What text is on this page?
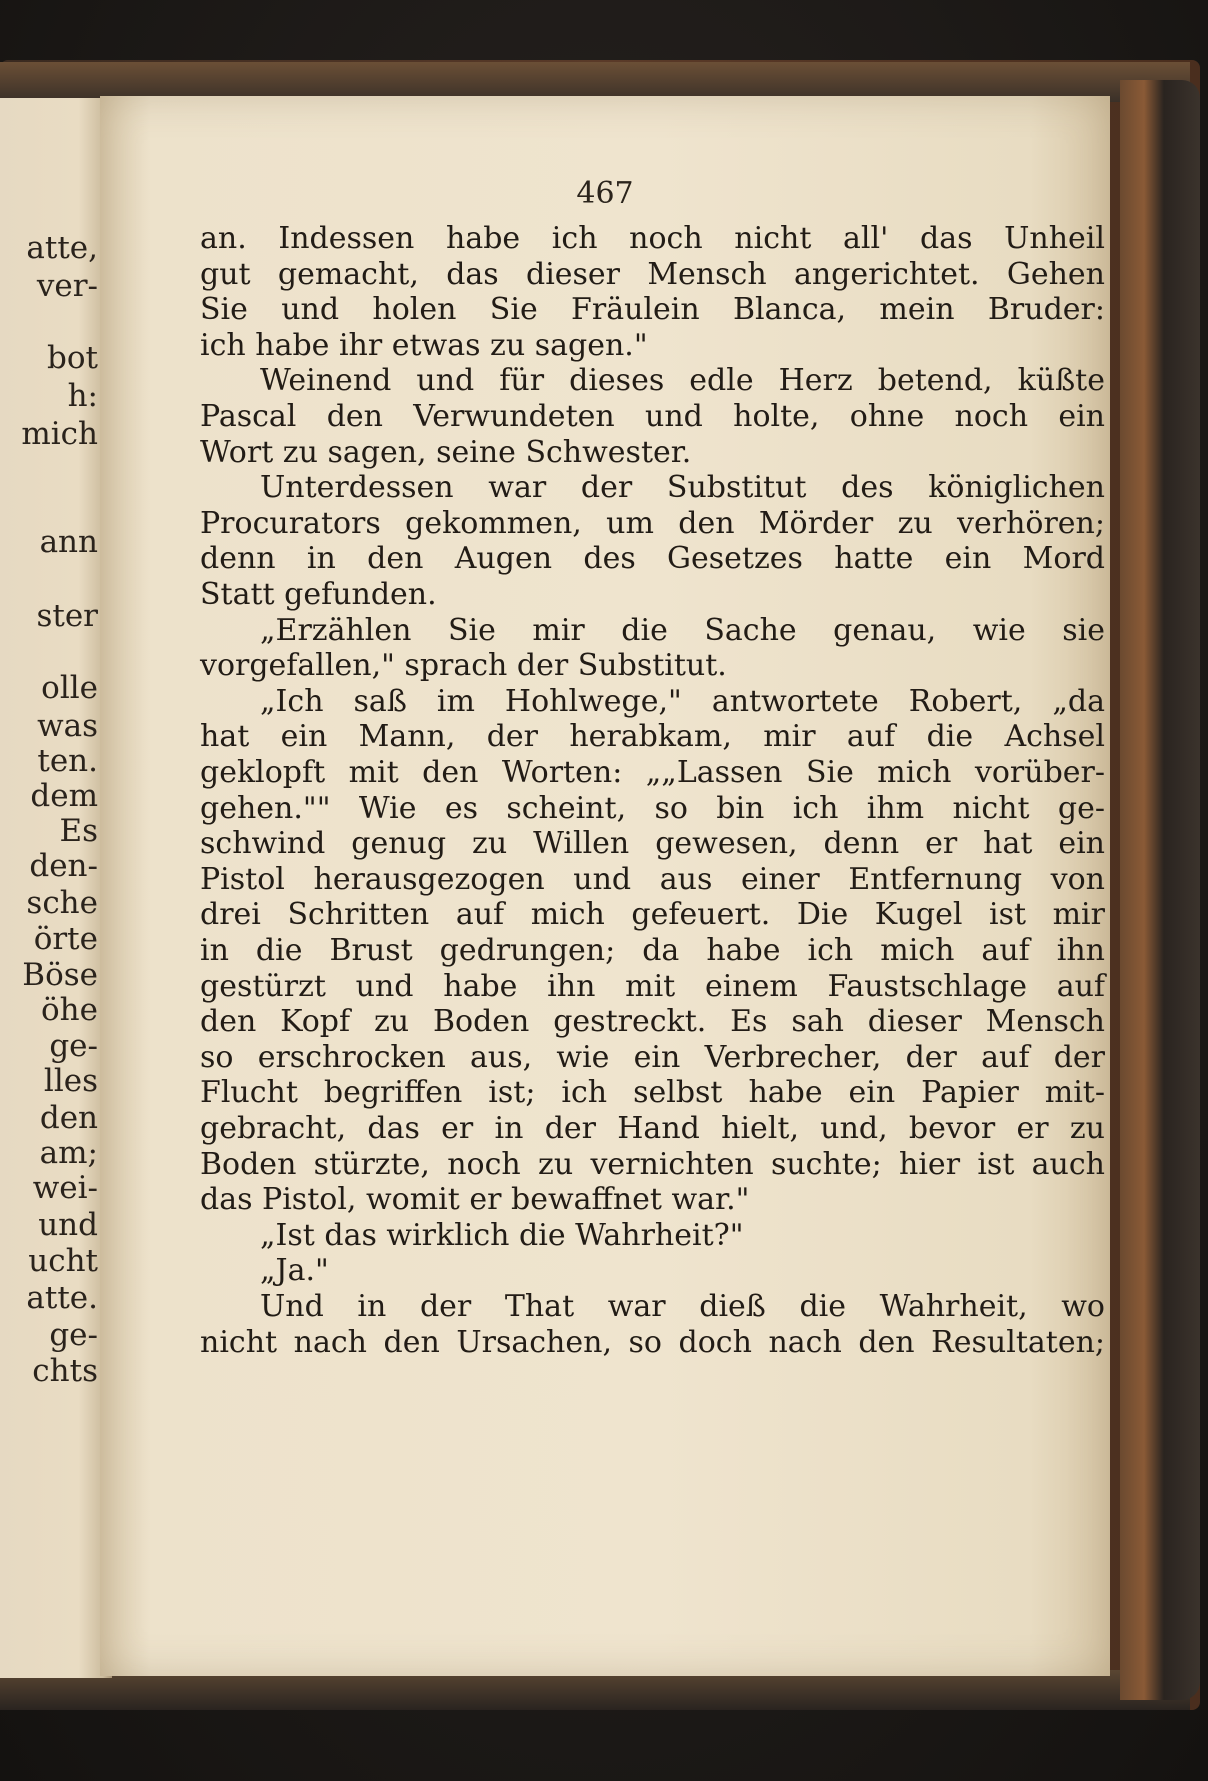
atte,
ver-
bot
h:
mich
ann
ster
olle
was
ten.
dem
Es
den-
sche
örte
Böse
öhe
ge-
lles
den
am;
wei-
und
ucht
atte.
ge-
chts
467
an. Indessen habe ich noch nicht all' das Unheil
gut gemacht, das dieser Mensch angerichtet. Gehen
Sie und holen Sie Fräulein Blanca, mein Bruder:
ich habe ihr etwas zu sagen."
Weinend und für dieses edle Herz betend, küßte
Pascal den Verwundeten und holte, ohne noch ein
Wort zu sagen, seine Schwester.
Unterdessen war der Substitut des königlichen
Procurators gekommen, um den Mörder zu verhören;
denn in den Augen des Gesetzes hatte ein Mord
Statt gefunden.
„Erzählen Sie mir die Sache genau, wie sie
vorgefallen," sprach der Substitut.
„Ich saß im Hohlwege," antwortete Robert, „da
hat ein Mann, der herabkam, mir auf die Achsel
geklopft mit den Worten: „„Lassen Sie mich vorüber-
gehen."" Wie es scheint, so bin ich ihm nicht ge-
schwind genug zu Willen gewesen, denn er hat ein
Pistol herausgezogen und aus einer Entfernung von
drei Schritten auf mich gefeuert. Die Kugel ist mir
in die Brust gedrungen; da habe ich mich auf ihn
gestürzt und habe ihn mit einem Faustschlage auf
den Kopf zu Boden gestreckt. Es sah dieser Mensch
so erschrocken aus, wie ein Verbrecher, der auf der
Flucht begriffen ist; ich selbst habe ein Papier mit-
gebracht, das er in der Hand hielt, und, bevor er zu
Boden stürzte, noch zu vernichten suchte; hier ist auch
das Pistol, womit er bewaffnet war."
„Ist das wirklich die Wahrheit?"
„Ja."
Und in der That war dieß die Wahrheit, wo
nicht nach den Ursachen, so doch nach den Resultaten;
